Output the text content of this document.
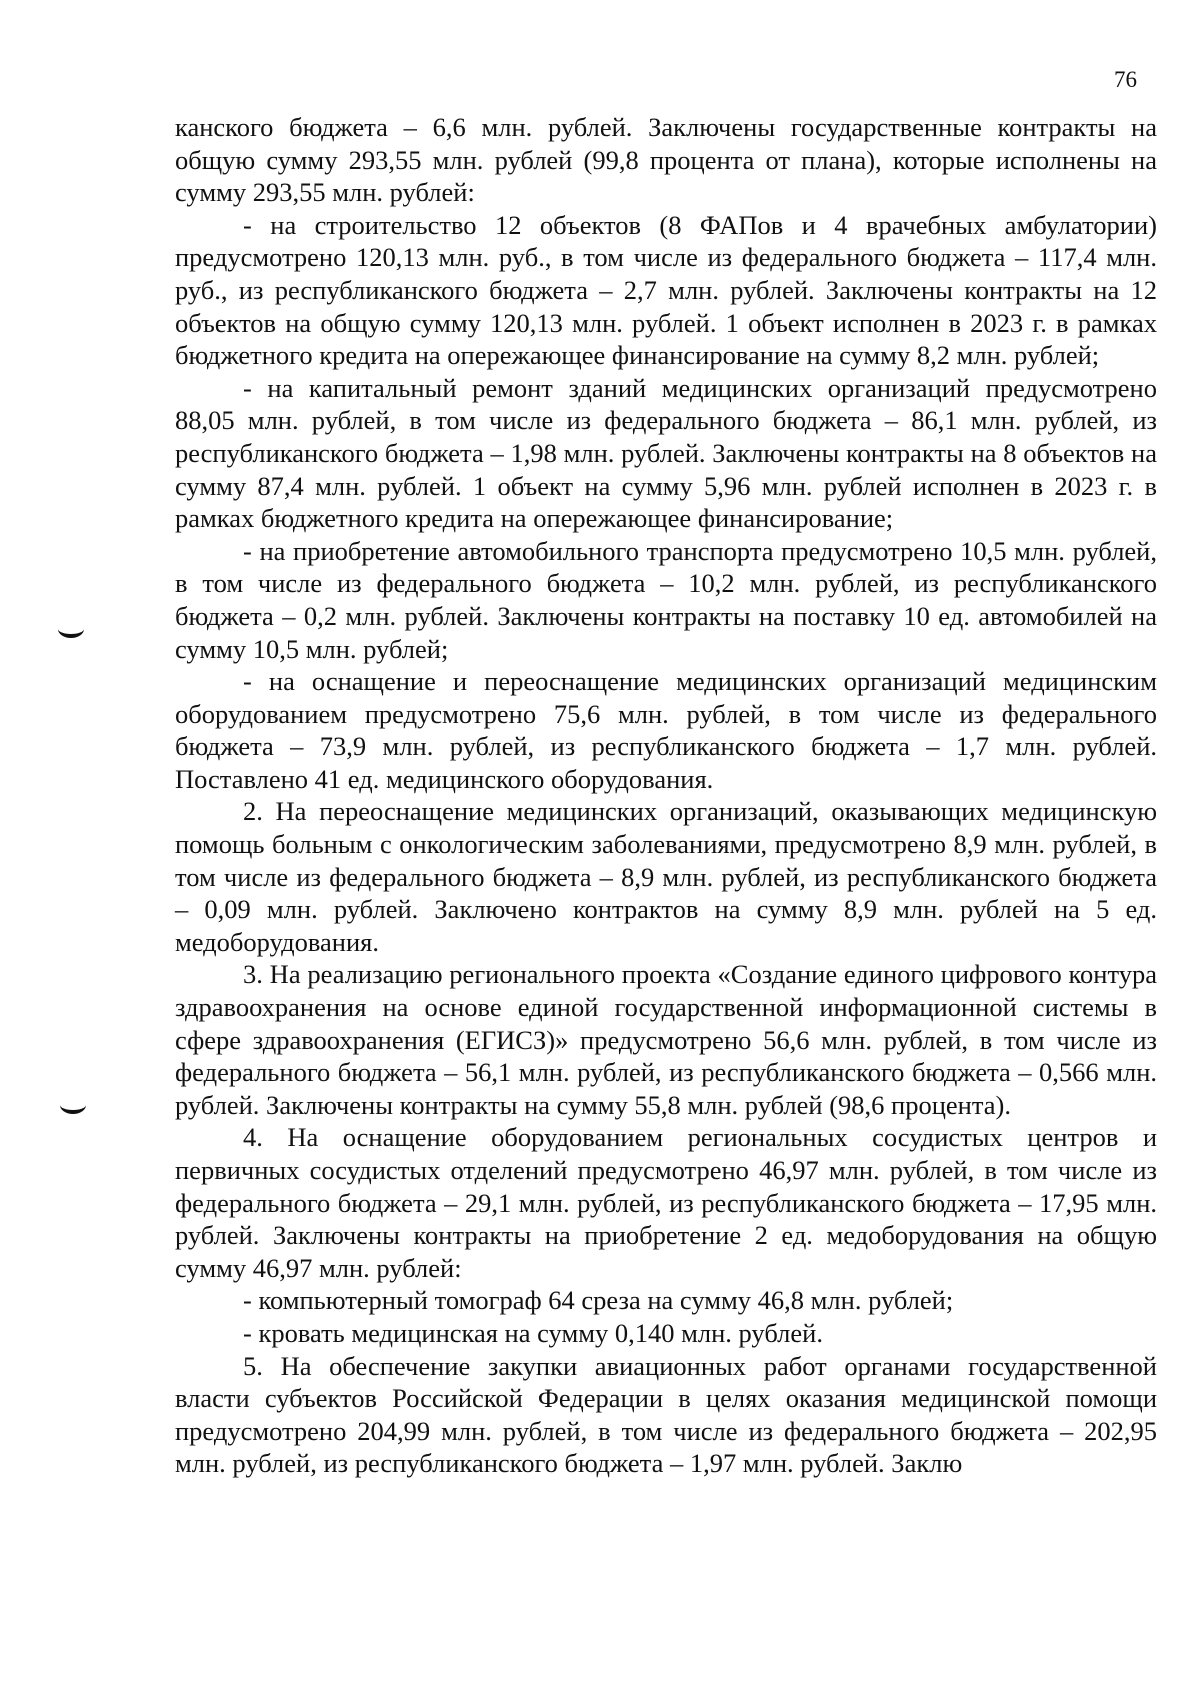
76

канского бюджета – 6,6 млн. рублей. Заключены государственные контракты на общую сумму 293,55 млн. рублей (99,8 процента от плана), которые исполнены на сумму 293,55 млн. рублей:

- на строительство 12 объектов (8 ФАПов и 4 врачебных амбулатории) предусмотрено 120,13 млн. руб., в том числе из федерального бюджета – 117,4 млн. руб., из республиканского бюджета – 2,7 млн. рублей. Заключены контракты на 12 объектов на общую сумму 120,13 млн. рублей. 1 объект исполнен в 2023 г. в рамках бюджетного кредита на опережающее финансирование на сумму 8,2 млн. рублей;

- на капитальный ремонт зданий медицинских организаций предусмотрено 88,05 млн. рублей, в том числе из федерального бюджета – 86,1 млн. рублей, из республиканского бюджета – 1,98 млн. рублей. Заключены контракты на 8 объектов на сумму 87,4 млн. рублей. 1 объект на сумму 5,96 млн. рублей исполнен в 2023 г. в рамках бюджетного кредита на опережающее финансирование;

- на приобретение автомобильного транспорта предусмотрено 10,5 млн. рублей, в том числе из федерального бюджета – 10,2 млн. рублей, из республиканского бюджета – 0,2 млн. рублей. Заключены контракты на поставку 10 ед. автомобилей на сумму 10,5 млн. рублей;

- на оснащение и переоснащение медицинских организаций медицинским оборудованием предусмотрено 75,6 млн. рублей, в том числе из федерального бюджета – 73,9 млн. рублей, из республиканского бюджета – 1,7 млн. рублей. Поставлено 41 ед. медицинского оборудования.

2. На переоснащение медицинских организаций, оказывающих медицинскую помощь больным с онкологическим заболеваниями, предусмотрено 8,9 млн. рублей, в том числе из федерального бюджета – 8,9 млн. рублей, из республиканского бюджета – 0,09 млн. рублей. Заключено контрактов на сумму 8,9 млн. рублей на 5 ед. медоборудования.

3. На реализацию регионального проекта «Создание единого цифрового контура здравоохранения на основе единой государственной информационной системы в сфере здравоохранения (ЕГИСЗ)» предусмотрено 56,6 млн. рублей, в том числе из федерального бюджета – 56,1 млн. рублей, из республиканского бюджета – 0,566 млн. рублей. Заключены контракты на сумму 55,8 млн. рублей (98,6 процента).

4. На оснащение оборудованием региональных сосудистых центров и первичных сосудистых отделений предусмотрено 46,97 млн. рублей, в том числе из федерального бюджета – 29,1 млн. рублей, из республиканского бюджета – 17,95 млн. рублей. Заключены контракты на приобретение 2 ед. медоборудования на общую сумму 46,97 млн. рублей:

- компьютерный томограф 64 среза на сумму 46,8 млн. рублей;

- кровать медицинская на сумму 0,140 млн. рублей.

5. На обеспечение закупки авиационных работ органами государственной власти субъектов Российской Федерации в целях оказания медицинской помощи предусмотрено 204,99 млн. рублей, в том числе из федерального бюджета – 202,95 млн. рублей, из республиканского бюджета – 1,97 млн. рублей. Заклю
